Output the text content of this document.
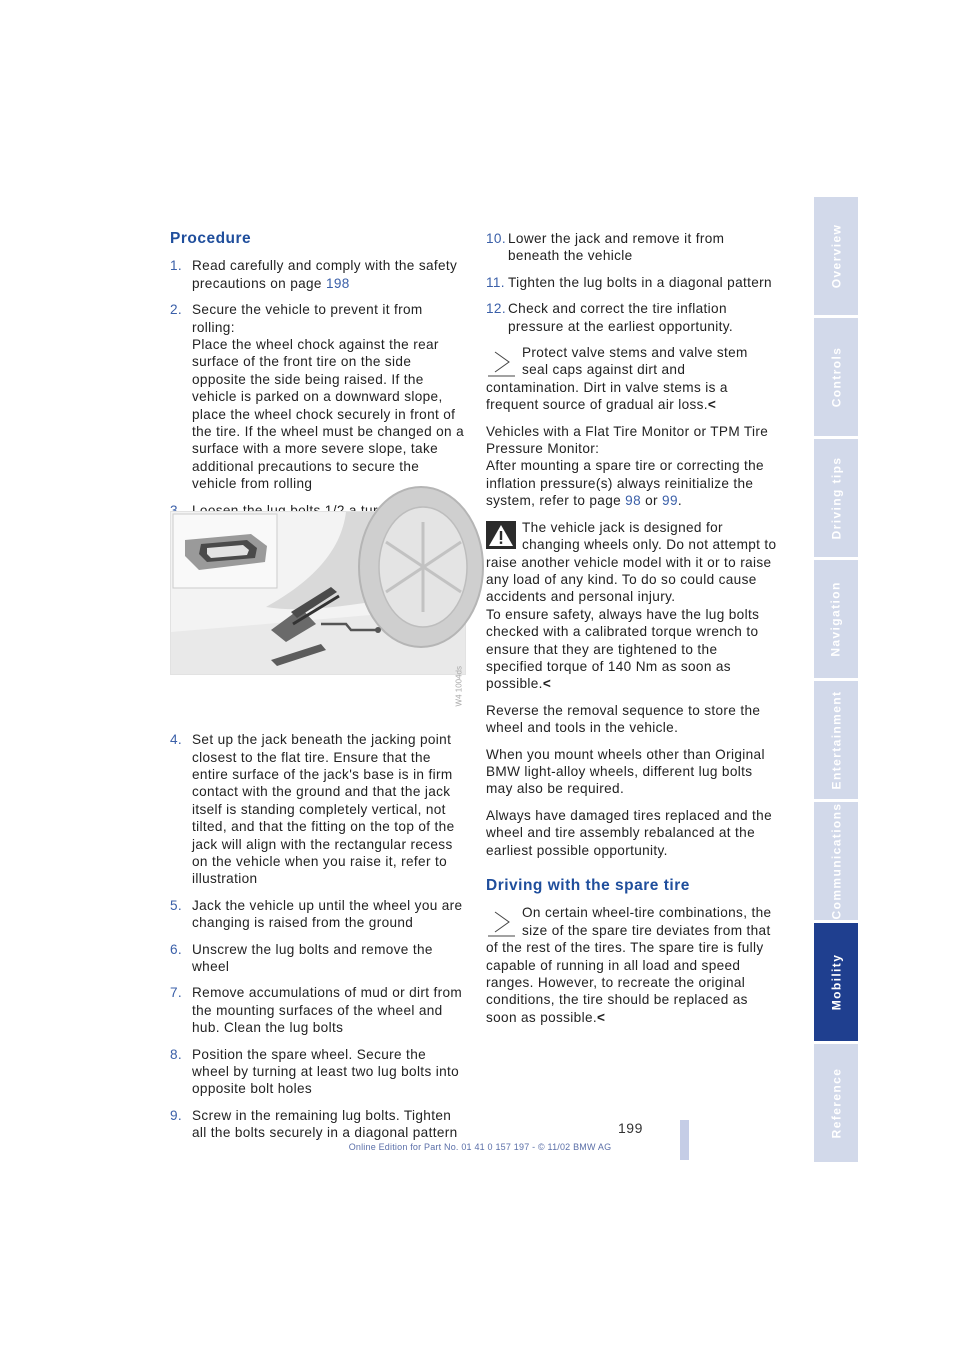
Overview
Controls
Driving tips
Navigation
Entertainment
Communications
Mobility
Reference
Procedure
1. Read carefully and comply with the safety precautions on page 198
2. Secure the vehicle to prevent it from rolling:
Place the wheel chock against the rear surface of the front tire on the side opposite the side being raised. If the vehicle is parked on a downward slope, place the wheel chock securely in front of the tire. If the wheel must be changed on a surface with a more severe slope, take additional precautions to secure the vehicle from rolling
4. Set up the jack beneath the jacking point closest to the flat tire. Ensure that the entire surface of the jack's base is in firm contact with the ground and that the jack itself is standing completely vertical, not tilted, and that the fitting on the top of the jack will align with the rectangular recess on the vehicle when you raise it, refer to illustration
5. Jack the vehicle up until the wheel you are changing is raised from the ground
6. Unscrew the lug bolts and remove the wheel
7. Remove accumulations of mud or dirt from the mounting surfaces of the wheel and hub. Clean the lug bolts
8. Position the spare wheel. Secure the wheel by turning at least two lug bolts into opposite bolt holes
9. Screw in the remaining lug bolts. Tighten all the bolts securely in a diagonal pattern
W4 1004ds
10. Lower the jack and remove it from beneath the vehicle
11. Tighten the lug bolts in a diagonal pattern
12. Check and correct the tire inflation pressure at the earliest opportunity.
Protect valve stems and valve stem seal caps against dirt and contamination. Dirt in valve stems is a frequent source of gradual air loss.<

Vehicles with a Flat Tire Monitor or TPM Tire Pressure Monitor:
After mounting a spare tire or correcting the inflation pressure(s) always reinitialize the system, refer to page 98 or 99.

The vehicle jack is designed for changing wheels only. Do not attempt to raise another vehicle model with it or to raise any load of any kind. To do so could cause accidents and personal injury.
To ensure safety, always have the lug bolts checked with a calibrated torque wrench to ensure that they are tightened to the specified torque of 140 Nm as soon as possible.<

Reverse the removal sequence to store the wheel and tools in the vehicle.

When you mount wheels other than Original BMW light-alloy wheels, different lug bolts may also be required.

Always have damaged tires replaced and the wheel and tire assembly rebalanced at the earliest possible opportunity.

Driving with the spare tire
On certain wheel-tire combinations, the size of the spare tire deviates from that of the rest of the tires. The spare tire is fully capable of running in all load and speed ranges. However, to recreate the original conditions, the tire should be replaced as soon as possible.<
199
Online Edition for Part No. 01 41 0 157 197 - © 11/02 BMW AG
